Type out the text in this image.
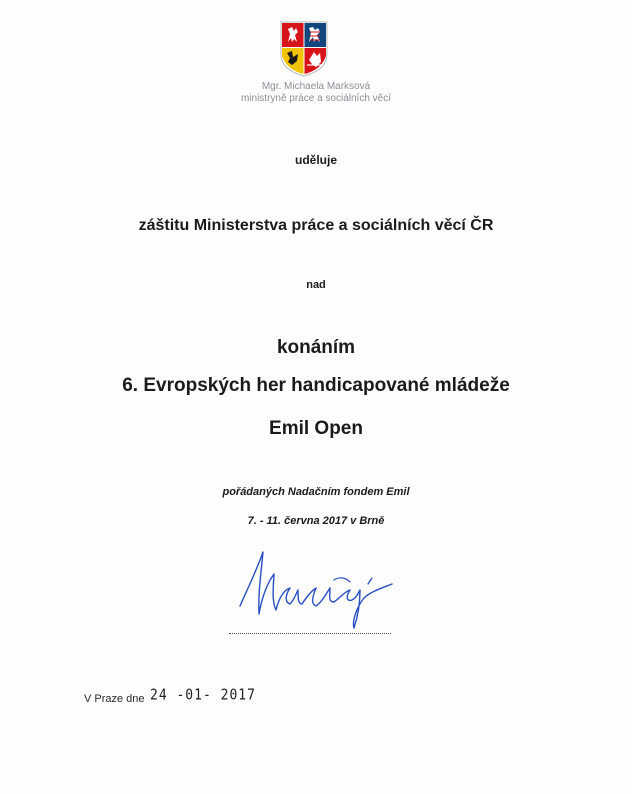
Mgr. Michaela Marksová
ministryně práce a sociálních věcí
uděluje
záštitu Ministerstva práce a sociálních věcí ČR
nad
konáním
6. Evropských her handicapované mládeže
Emil Open
pořádaných Nadačním fondem Emil
7. - 11. června 2017 v Brně
V Praze dne 24 -01- 2017
